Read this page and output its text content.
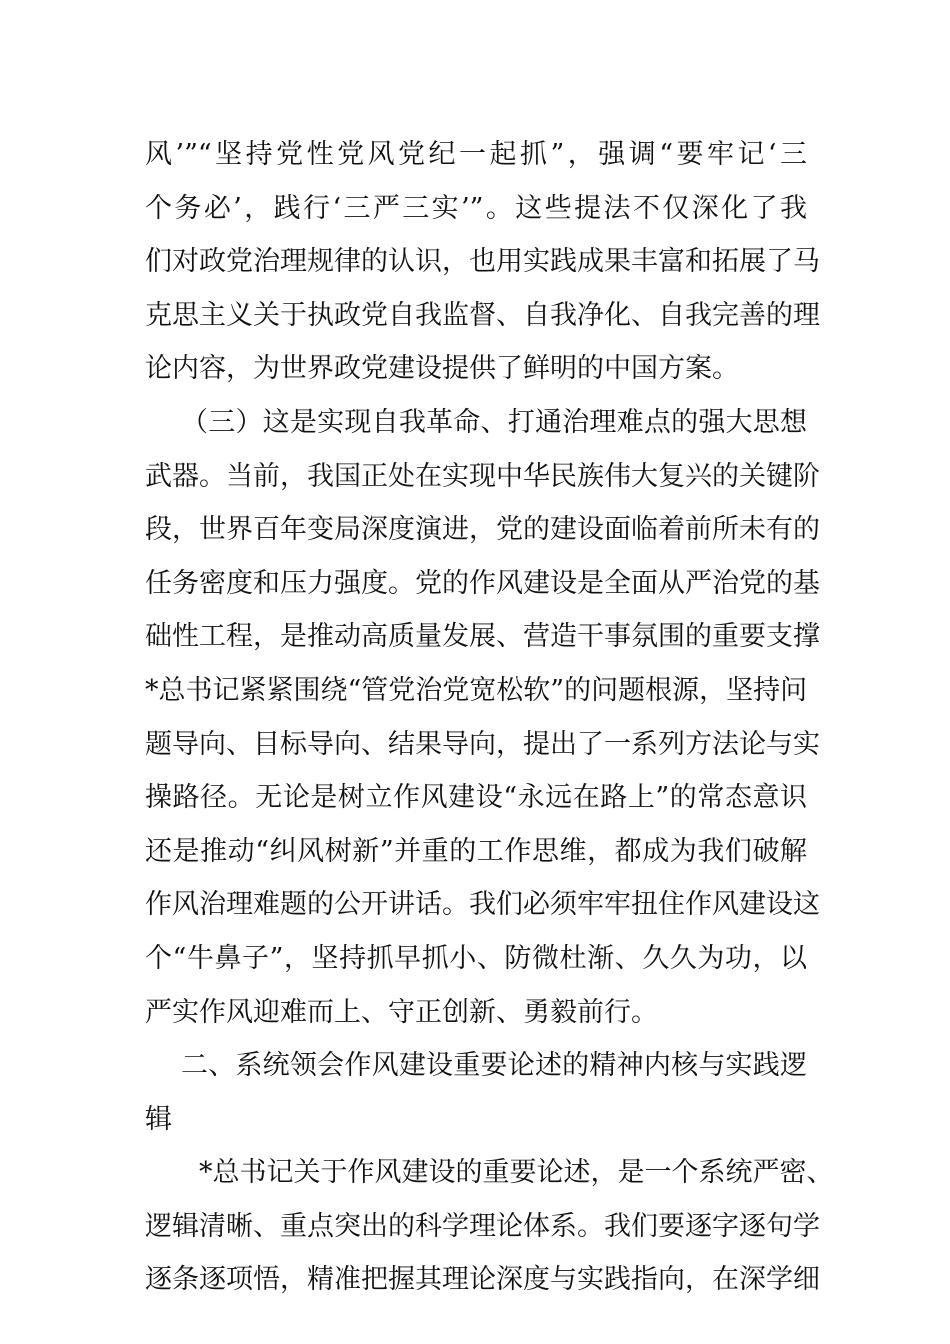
风’”“坚持党性党风党纪一起抓”，强调“要牢记‘三
个务必’，践行‘三严三实’”。这些提法不仅深化了我
们对政党治理规律的认识，也用实践成果丰富和拓展了马
克思主义关于执政党自我监督、自我净化、自我完善的理
论内容，为世界政党建设提供了鲜明的中国方案。
（三）这是实现自我革命、打通治理难点的强大思想
武器。当前，我国正处在实现中华民族伟大复兴的关键阶
段，世界百年变局深度演进，党的建设面临着前所未有的
任务密度和压力强度。党的作风建设是全面从严治党的基
础性工程，是推动高质量发展、营造干事氛围的重要支撑
*总书记紧紧围绕“管党治党宽松软”的问题根源，坚持问
题导向、目标导向、结果导向，提出了一系列方法论与实
操路径。无论是树立作风建设“永远在路上”的常态意识
还是推动“纠风树新”并重的工作思维，都成为我们破解
作风治理难题的公开讲话。我们必须牢牢扭住作风建设这
个“牛鼻子”，坚持抓早抓小、防微杜渐、久久为功，以
严实作风迎难而上、守正创新、勇毅前行。
二、系统领会作风建设重要论述的精神内核与实践逻
辑
*总书记关于作风建设的重要论述，是一个系统严密、
逻辑清晰、重点突出的科学理论体系。我们要逐字逐句学
逐条逐项悟，精准把握其理论深度与实践指向，在深学细
